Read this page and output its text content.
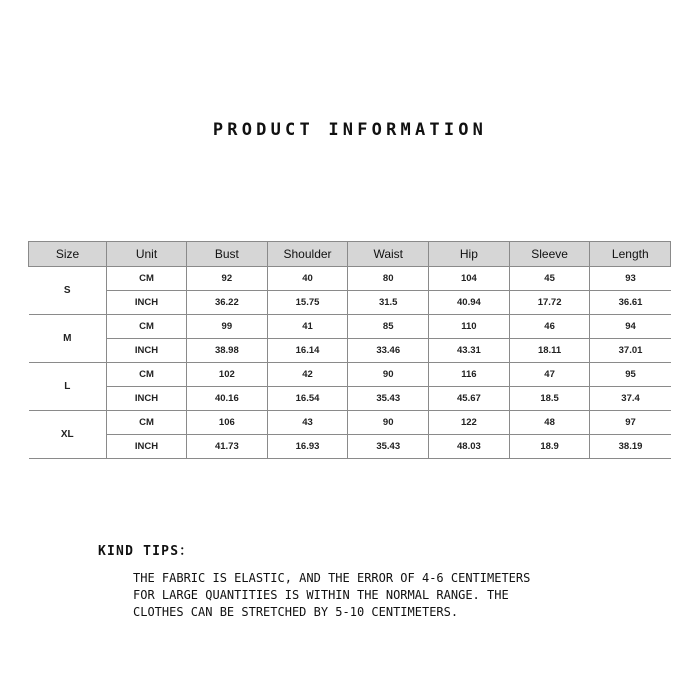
PRODUCT INFORMATION
Size	Unit	Bust	Shoulder	Waist	Hip	Sleeve	Length
S	CM	92	40	80	104	45	93
	INCH	36.22	15.75	31.5	40.94	17.72	36.61
M	CM	99	41	85	110	46	94
	INCH	38.98	16.14	33.46	43.31	18.11	37.01
L	CM	102	42	90	116	47	95
	INCH	40.16	16.54	35.43	45.67	18.5	37.4
XL	CM	106	43	90	122	48	97
	INCH	41.73	16.93	35.43	48.03	18.9	38.19
KIND TIPS：
THE FABRIC IS ELASTIC, AND THE ERROR OF 4-6 CENTIMETERS
FOR LARGE QUANTITIES IS WITHIN THE NORMAL RANGE. THE
CLOTHES CAN BE STRETCHED BY 5-10 CENTIMETERS.
